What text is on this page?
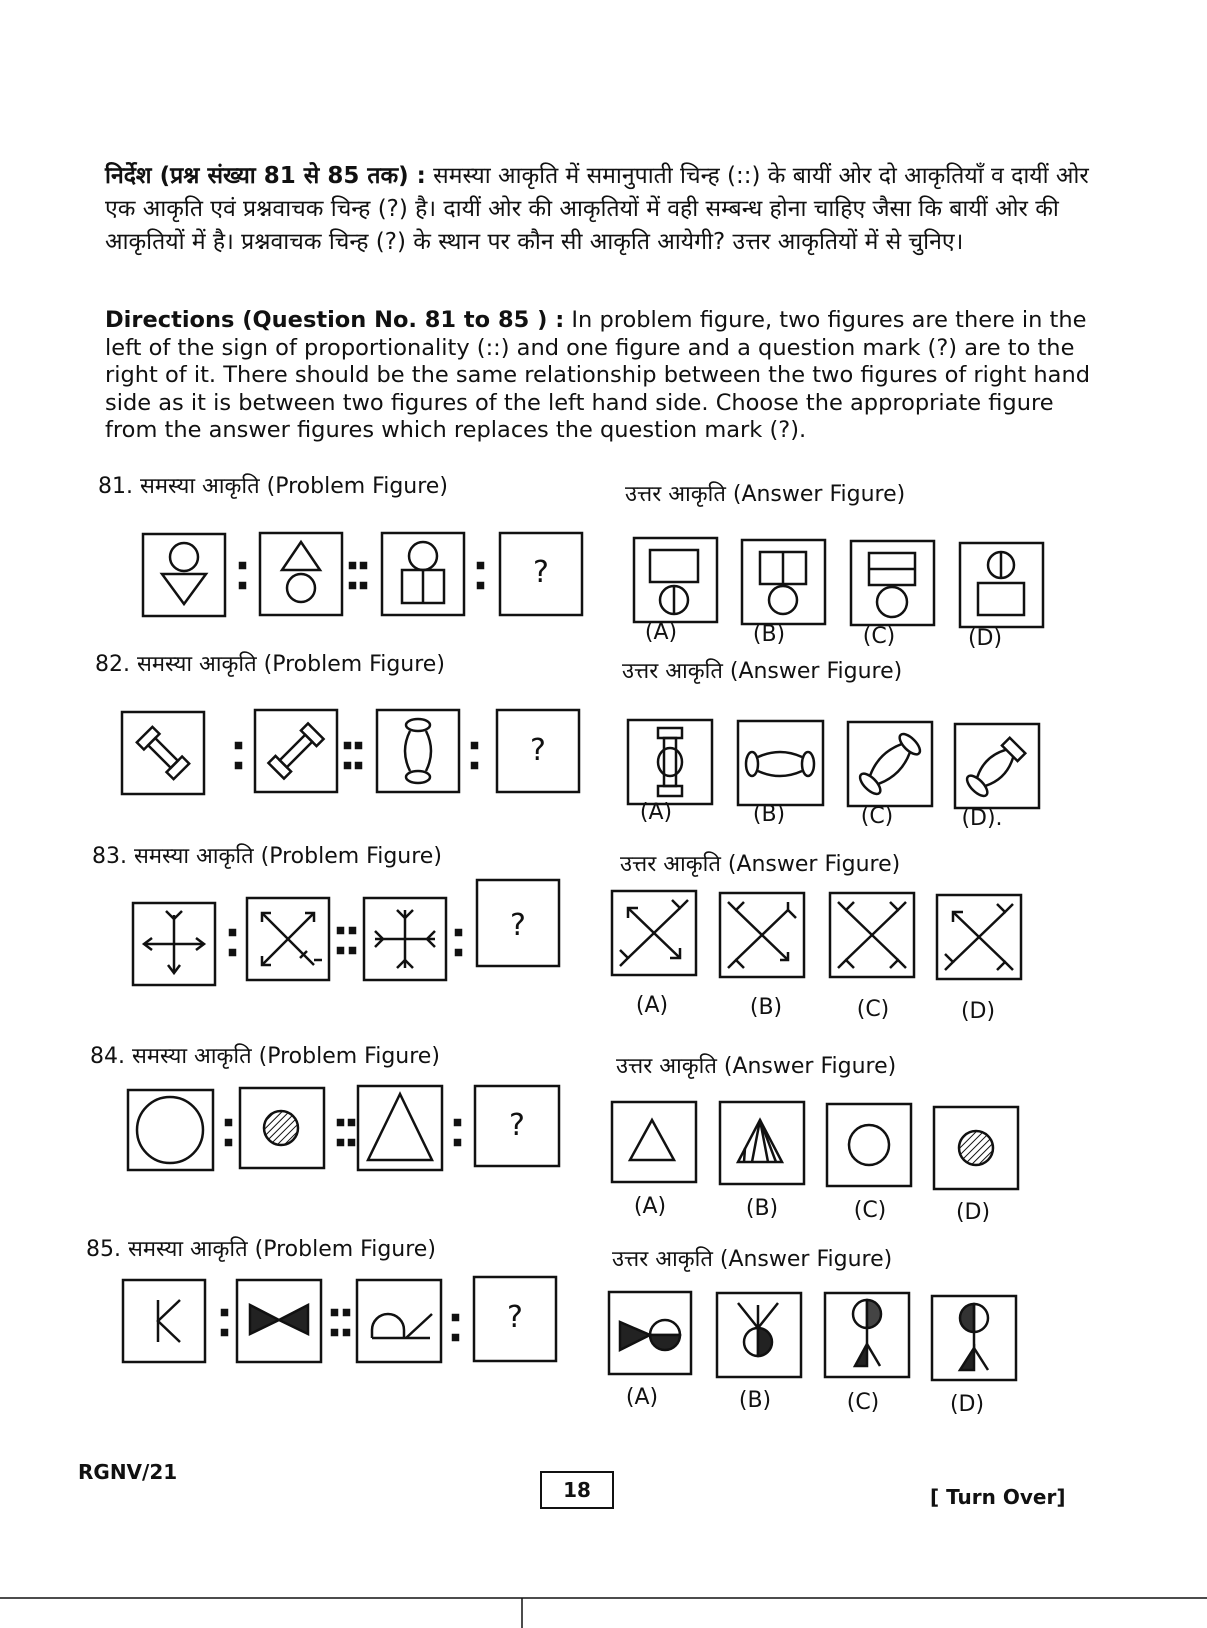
निर्देश (प्रश्न संख्या 81 से 85 तक) : समस्या आकृति में समानुपाती चिन्ह (::) के बायीं ओर दो आकृतियाँ व दायीं ओर एक आकृति एवं प्रश्नवाचक चिन्ह (?) है। दायीं ओर की आकृतियों में वही सम्बन्ध होना चाहिए जैसा कि बायीं ओर की आकृतियों में है। प्रश्नवाचक चिन्ह (?) के स्थान पर कौन सी आकृति आयेगी? उत्तर आकृतियों में से चुनिए।
Directions (Question No. 81 to 85 ) : In problem figure, two figures are there in the left of the sign of proportionality (::) and one figure and a question mark (?) are to the right of it. There should be the same relationship between the two figures of right hand side as it is between two figures of the left hand side. Choose the appropriate figure from the answer figures which replaces the question mark (?).
81. समस्या आकृति (Problem Figure)	उत्तर आकृति (Answer Figure)
82. समस्या आकृति (Problem Figure)	उत्तर आकृति (Answer Figure)
83. समस्या आकृति (Problem Figure)	उत्तर आकृति (Answer Figure)
84. समस्या आकृति (Problem Figure)	उत्तर आकृति (Answer Figure)
85. समस्या आकृति (Problem Figure)	उत्तर आकृति (Answer Figure)
(A)	(B)	(C)	(D)
(A)	(B)	(C)	(D).
(A)	(B)	(C)	(D)
(A)	(B)	(C)	(D)
(A)	(B)	(C)	(D)
?
?
?
?
?
RGNV/21
18	[ Turn Over]
